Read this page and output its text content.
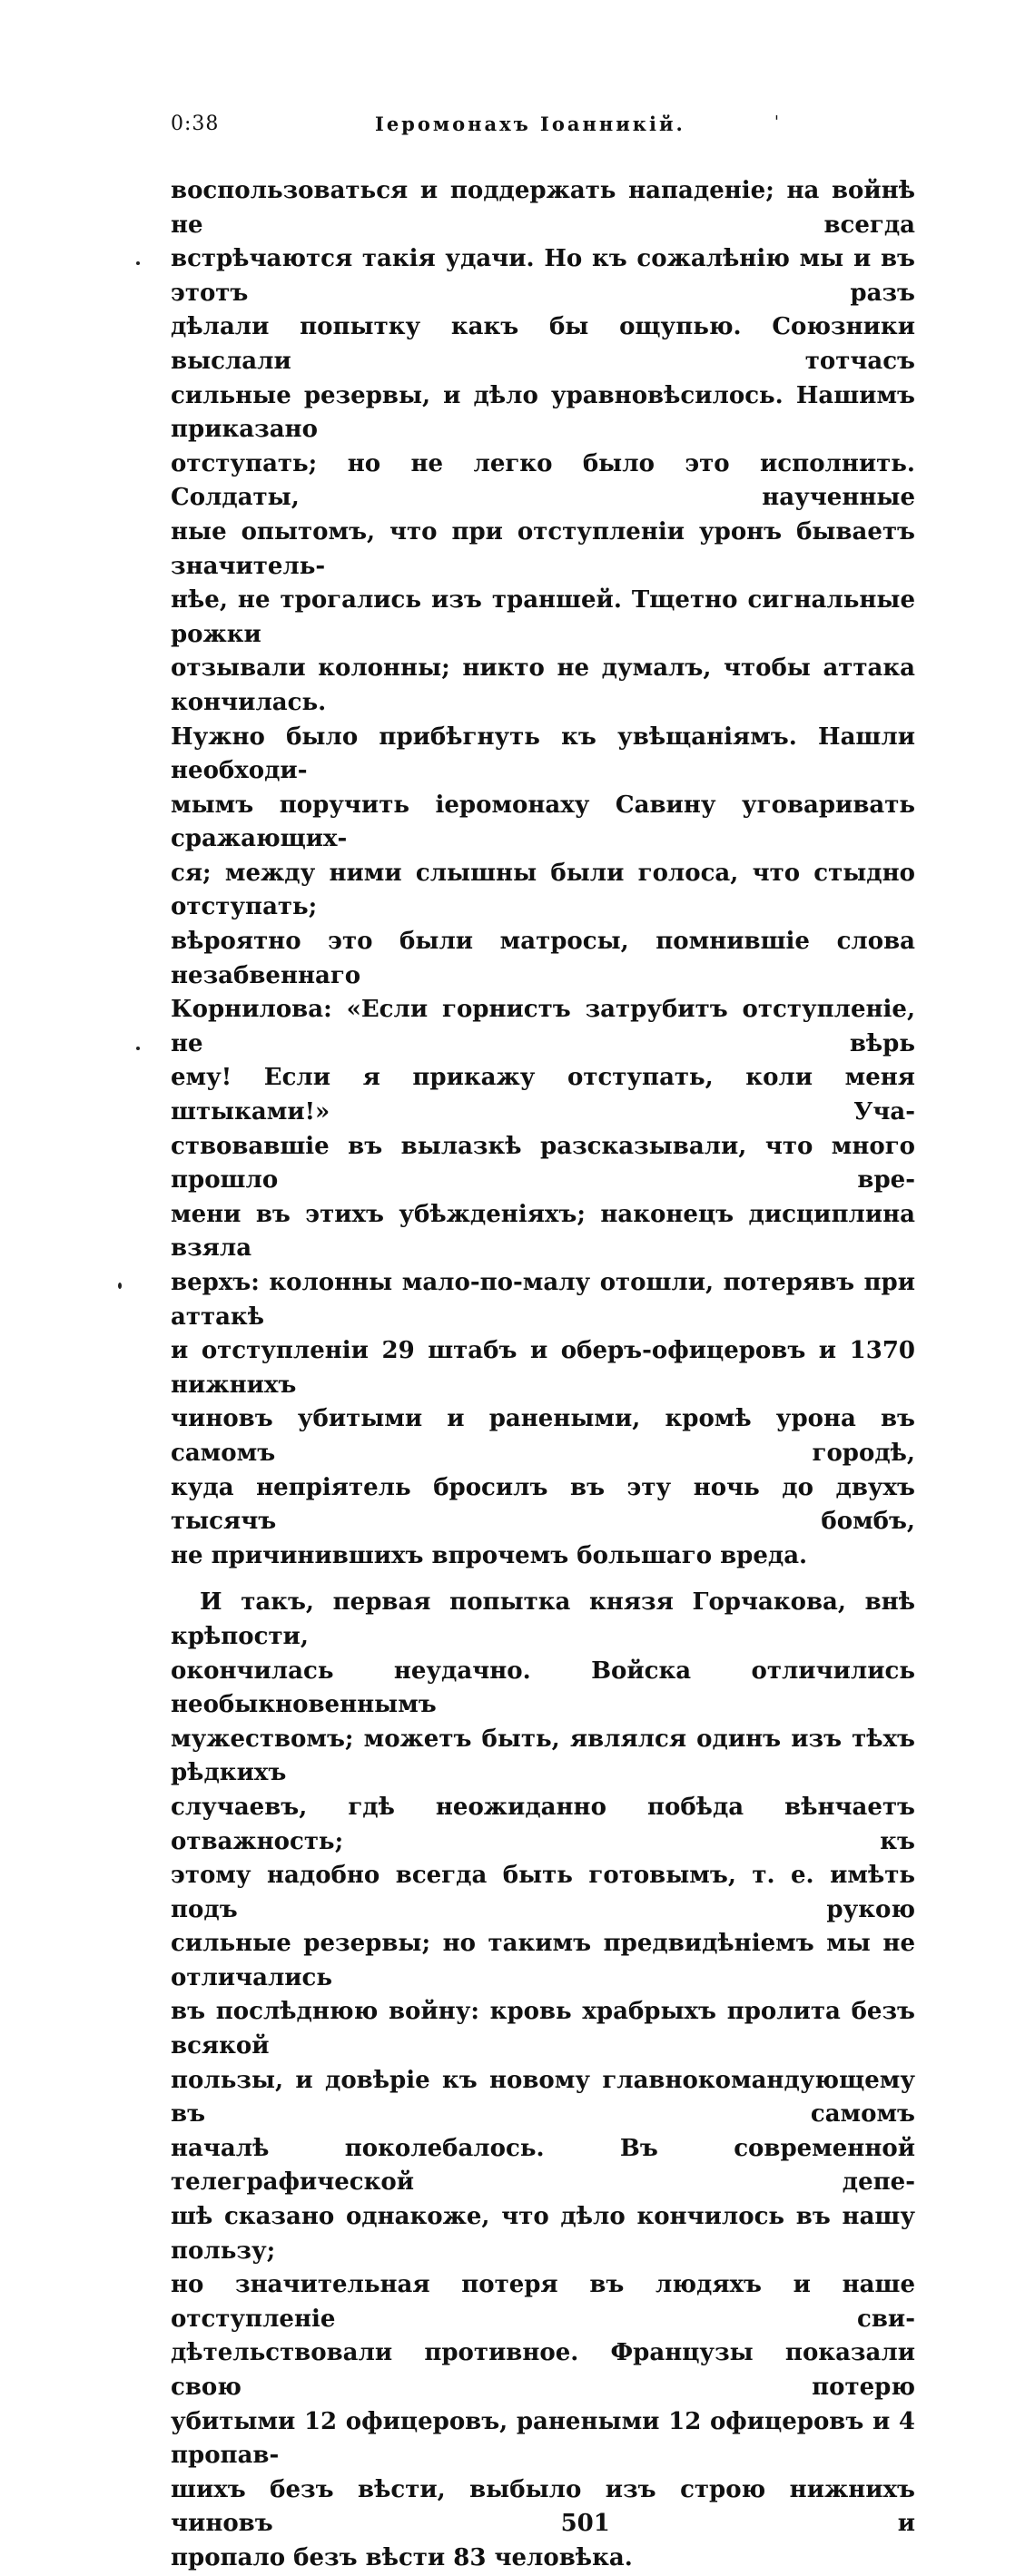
0:38	Іеромонахъ Іоанникій.	'

воспользоваться и поддержать нападеніе; на войнѣ не всегда

встрѣчаются такія удачи. Но къ сожалѣнію мы и въ этотъ разъ

дѣлали попытку какъ бы ощупью. Союзники выслали тотчасъ

сильные резервы, и дѣло уравновѣсилось. Нашимъ приказано

отступать; но не легко было это исполнить. Солдаты, наученные

ные опытомъ, что при отступленіи уронъ бываетъ значитель-

нѣе, не трогались изъ траншей. Тщетно сигнальные рожки

отзывали колонны; никто не думалъ, чтобы аттака кончилась.

Нужно было прибѣгнуть къ увѣщаніямъ. Нашли необходи-

мымъ поручить іеромонаху Савину уговаривать сражающих-

ся; между ними слышны были голоса, что стыдно отступать;

вѣроятно это были матросы, помнившіе слова незабвеннаго

Корнилова: «Если горнистъ затрубитъ отступленіе, не вѣрь

ему! Если я прикажу отступать, коли меня штыками!» Уча-

ствовавшіе въ вылазкѣ разсказывали, что много прошло вре-

мени въ этихъ убѣжденіяхъ; наконецъ дисциплина взяла

верхъ: колонны мало-по-малу отошли, потерявъ при аттакѣ

и отступленіи 29 штабъ и оберъ-офицеровъ и 1370 нижнихъ

чиновъ убитыми и ранеными, кромѣ урона въ самомъ городѣ,

куда непріятель бросилъ въ эту ночь до двухъ тысячъ бомбъ,

не причинившихъ впрочемъ большаго вреда.

И такъ, первая попытка князя Горчакова, внѣ крѣпости,

окончилась неудачно. Войска отличились необыкновеннымъ

мужествомъ; можетъ быть, являлся одинъ изъ тѣхъ рѣдкихъ

случаевъ, гдѣ неожиданно побѣда вѣнчаетъ отважность; къ

этому надобно всегда быть готовымъ, т. е. имѣть подъ рукою

сильные резервы; но такимъ предвидѣніемъ мы не отличались

въ послѣднюю войну: кровь храбрыхъ пролита безъ всякой

пользы, и довѣріе къ новому главнокомандующему въ самомъ

началѣ поколебалось. Въ современной телеграфической депе-

шѣ сказано однакоже, что дѣло кончилось въ нашу пользу;

но значительная потеря въ людяхъ и наше отступленіе сви-

дѣтельствовали противное. Французы показали свою потерю

убитыми 12 офицеровъ, ранеными 12 офицеровъ и 4 пропав-

шихъ безъ вѣсти, выбыло изъ строю нижнихъ чиновъ 501 и

пропало безъ вѣсти 83 человѣка.
